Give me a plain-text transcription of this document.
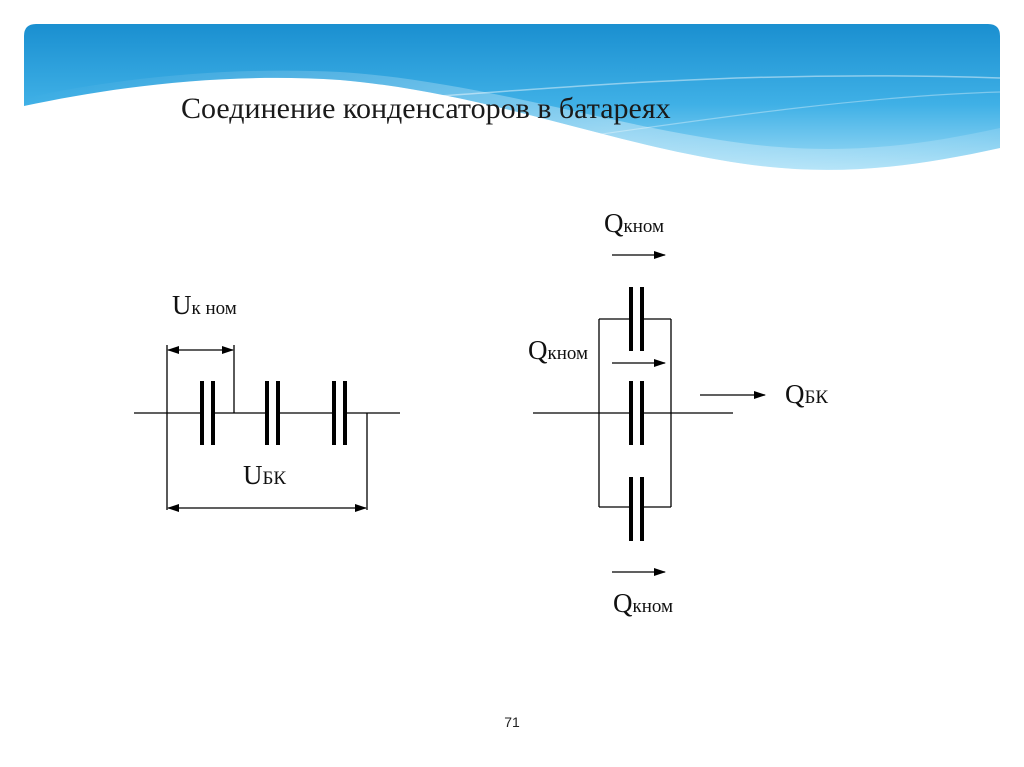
Соединение конденсаторов в батареях
Uк ном
UБК
Qкном
Qкном
Qкном
QБК
71
